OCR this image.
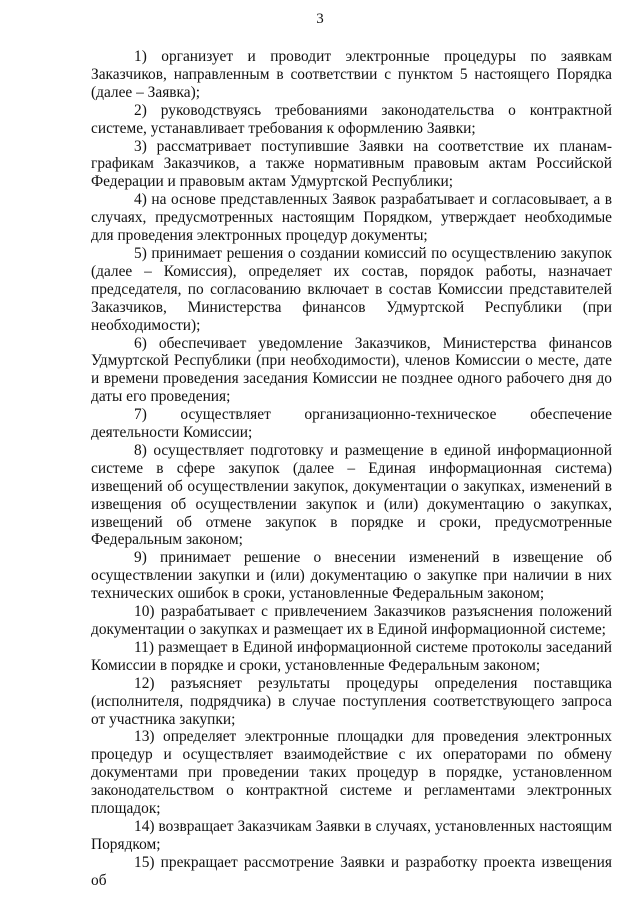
3

1) организует и проводит электронные процедуры по заявкам Заказчиков, направленным в соответствии с пунктом 5 настоящего Порядка (далее – Заявка);

2) руководствуясь требованиями законодательства о контрактной системе, устанавливает требования к оформлению Заявки;

3) рассматривает поступившие Заявки на соответствие их планам-графикам Заказчиков, а также нормативным правовым актам Российской Федерации и правовым актам Удмуртской Республики;

4) на основе представленных Заявок разрабатывает и согласовывает, а в случаях, предусмотренных настоящим Порядком, утверждает необходимые для проведения электронных процедур документы;

5) принимает решения о создании комиссий по осуществлению закупок (далее – Комиссия), определяет их состав, порядок работы, назначает председателя, по согласованию включает в состав Комиссии представителей Заказчиков, Министерства финансов Удмуртской Республики (при необходимости);

6) обеспечивает уведомление Заказчиков, Министерства финансов Удмуртской Республики (при необходимости), членов Комиссии о месте, дате и времени проведения заседания Комиссии не позднее одного рабочего дня до даты его проведения;

7) осуществляет организационно-техническое обеспечение деятельности Комиссии;

8) осуществляет подготовку и размещение в единой информационной системе в сфере закупок (далее – Единая информационная система) извещений об осуществлении закупок, документации о закупках, изменений в извещения об осуществлении закупок и (или) документацию о закупках, извещений об отмене закупок в порядке и сроки, предусмотренные Федеральным законом;

9) принимает решение о внесении изменений в извещение об осуществлении закупки и (или) документацию о закупке при наличии в них технических ошибок в сроки, установленные Федеральным законом;

10) разрабатывает с привлечением Заказчиков разъяснения положений документации о закупках и размещает их в Единой информационной системе;

11) размещает в Единой информационной системе протоколы заседаний Комиссии в порядке и сроки, установленные Федеральным законом;

12) разъясняет результаты процедуры определения поставщика (исполнителя, подрядчика) в случае поступления соответствующего запроса от участника закупки;

13) определяет электронные площадки для проведения электронных процедур и осуществляет взаимодействие с их операторами по обмену документами при проведении таких процедур в порядке, установленном законодательством о контрактной системе и регламентами электронных площадок;

14) возвращает Заказчикам Заявки в случаях, установленных настоящим Порядком;

15) прекращает рассмотрение Заявки и разработку проекта извещения об
